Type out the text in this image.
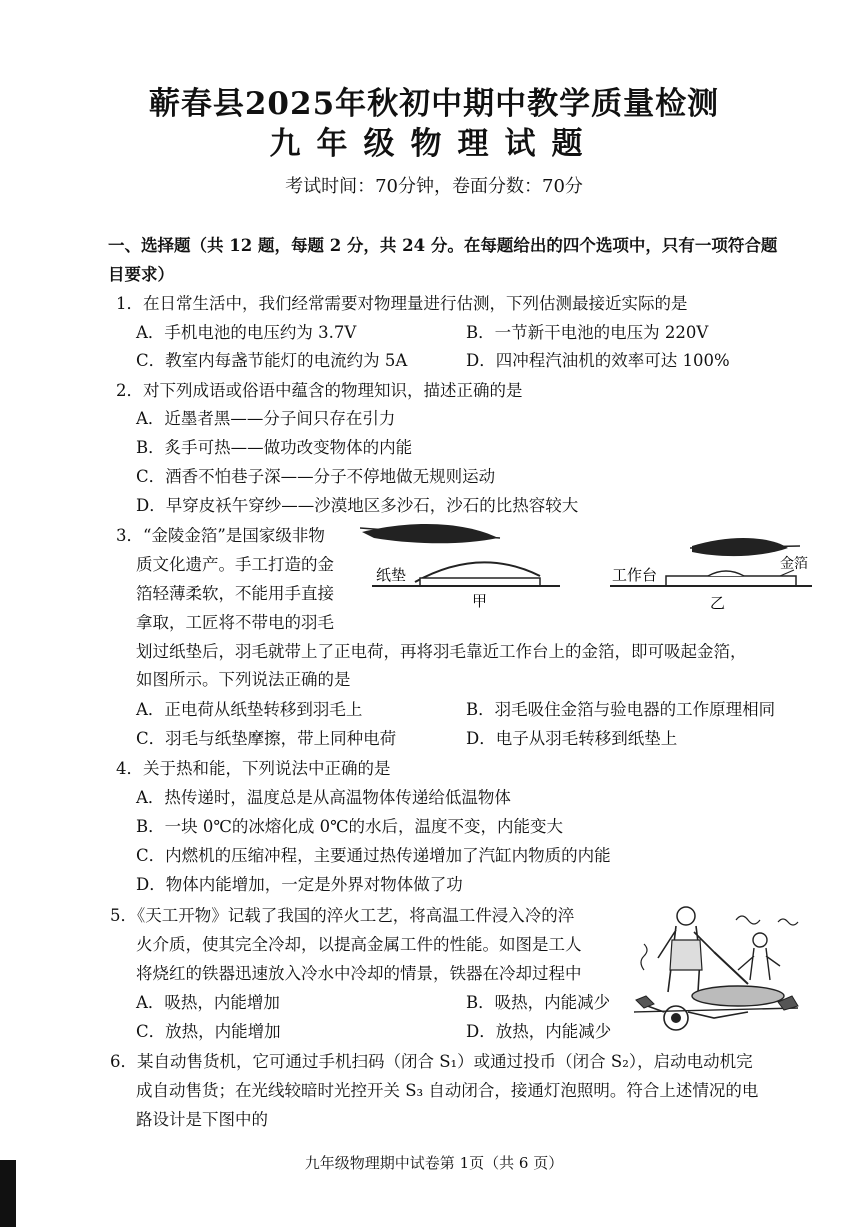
蕲春县2025年秋初中期中教学质量检测
九年级物理试题
考试时间：70分钟，卷面分数：70分
一、选择题（共 12 题，每题 2 分，共 24 分。在每题给出的四个选项中，只有一项符合题
目要求）
1．在日常生活中，我们经常需要对物理量进行估测，下列估测最接近实际的是
A．手机电池的电压约为 3.7V	B．一节新干电池的电压为 220V
C．教室内每盏节能灯的电流约为 5A	D．四冲程汽油机的效率可达 100%
2．对下列成语或俗语中蕴含的物理知识，描述正确的是
A．近墨者黑——分子间只存在引力
B．炙手可热——做功改变物体的内能
C．酒香不怕巷子深——分子不停地做无规则运动
D．早穿皮袄午穿纱——沙漠地区多沙石，沙石的比热容较大
3．“金陵金箔”是国家级非物
质文化遗产。手工打造的金
箔轻薄柔软，不能用手直接
拿取，工匠将不带电的羽毛
纸垫
甲
工作台
金箔
乙
划过纸垫后，羽毛就带上了正电荷，再将羽毛靠近工作台上的金箔，即可吸起金箔，
如图所示。下列说法正确的是
A．正电荷从纸垫转移到羽毛上	B．羽毛吸住金箔与验电器的工作原理相同
C．羽毛与纸垫摩擦，带上同种电荷	D．电子从羽毛转移到纸垫上
4．关于热和能，下列说法中正确的是
A．热传递时，温度总是从高温物体传递给低温物体
B．一块 0℃的冰熔化成 0℃的水后，温度不变，内能变大
C．内燃机的压缩冲程，主要通过热传递增加了汽缸内物质的内能
D．物体内能增加，一定是外界对物体做了功
5．《天工开物》记载了我国的淬火工艺，将高温工件浸入冷的淬
火介质，使其完全冷却，以提高金属工件的性能。如图是工人
将烧红的铁器迅速放入冷水中冷却的情景，铁器在冷却过程中
A．吸热，内能增加	B．吸热，内能减少
C．放热，内能增加	D．放热，内能减少
6．某自动售货机，它可通过手机扫码（闭合 S₁）或通过投币（闭合 S₂），启动电动机完
成自动售货；在光线较暗时光控开关 S₃ 自动闭合，接通灯泡照明。符合上述情况的电
路设计是下图中的
九年级物理期中试卷第 1页（共 6 页）
